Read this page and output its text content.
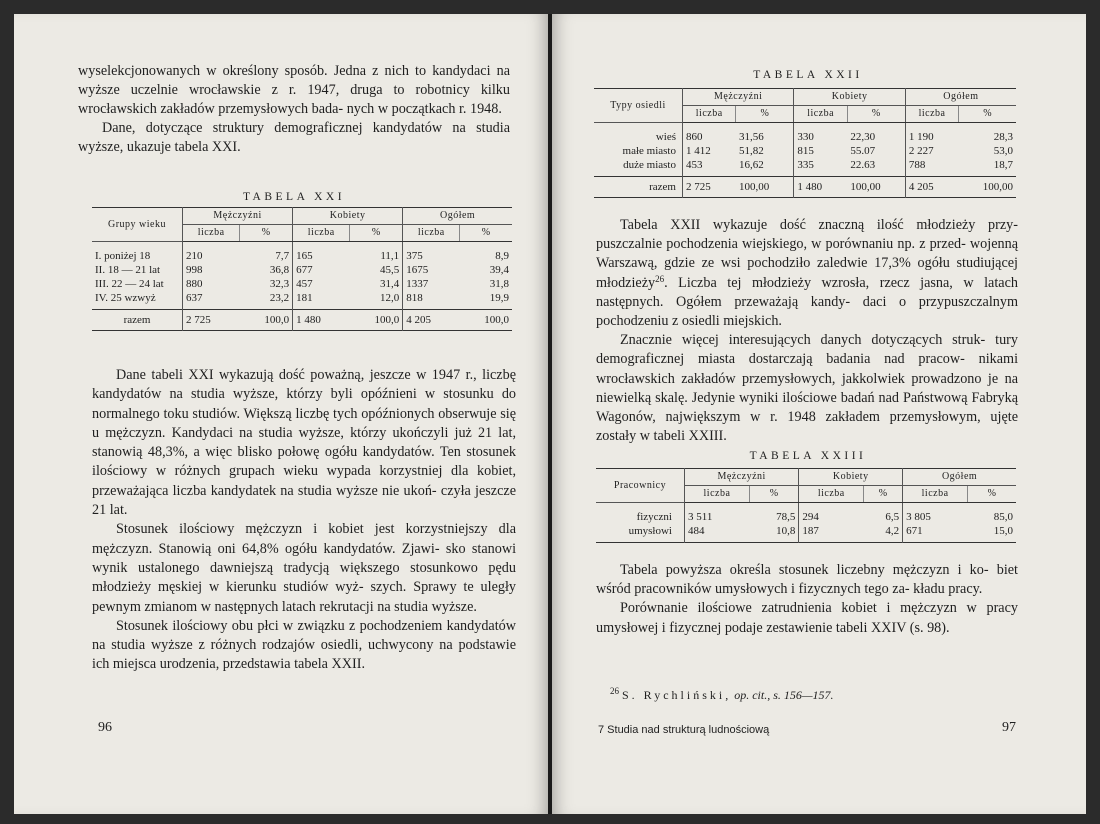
wyselekcjonowanych w określony sposób. Jedna z nich to kandydaci na wyższe uczelnie wrocławskie z r. 1947, druga to robotnicy kilku wrocławskich zakładów przemysłowych bada- nych w początkach r. 1948.

Dane, dotyczące struktury demograficznej kandydatów na studia wyższe, ukazuje tabela XXI.

TABELA XXI
Grupy wieku	Mężczyźni		Kobiety		Ogółem	
	liczba	%	liczba	%	liczba	%
I. poniżej 18	210	7,7	165	11,1	375	8,9
II. 18 — 21 lat	998	36,8	677	45,5	1675	39,4
III. 22 — 24 lat	880	32,3	457	31,4	1337	31,8
IV. 25 wzwyż	637	23,2	181	12,0	818	19,9
razem	2 725	100,0	1 480	100,0	4 205	100,0

Dane tabeli XXI wykazują dość poważną, jeszcze w 1947 r., liczbę kandydatów na studia wyższe, którzy byli opóźnieni w stosunku do normalnego toku studiów. Większą liczbę tych opóźnionych obserwuje się u mężczyzn. Kandydaci na studia wyższe, którzy ukończyli już 21 lat, stanowią 48,3%, a więc blisko połowę ogółu kandydatów. Ten stosunek ilościowy w różnych grupach wieku wypada korzystniej dla kobiet, przeważająca liczba kandydatek na studia wyższe nie ukoń- czyła jeszcze 21 lat.

Stosunek ilościowy mężczyzn i kobiet jest korzystniejszy dla mężczyzn. Stanowią oni 64,8% ogółu kandydatów. Zjawi- sko stanowi wynik ustalonego dawniejszą tradycją większego stosunkowo pędu młodzieży męskiej w kierunku studiów wyż- szych. Sprawy te uległy pewnym zmianom w następnych latach rekrutacji na studia wyższe.

Stosunek ilościowy obu płci w związku z pochodzeniem kandydatów na studia wyższe z różnych rodzajów osiedli, uchwycony na podstawie ich miejsca urodzenia, przedstawia tabela XXII.

96
TABELA XXII
Typy osiedli	Mężczyźni		Kobiety		Ogółem	
	liczba	%	liczba	%	liczba	%
wieś	860	31,56	330	22,30	1 190	28,3
małe miasto	1 412	51,82	815	55.07	2 227	53,0
duże miasto	453	16,62	335	22.63	788	18,7
razem	2 725	100,00	1 480	100,00	4 205	100,00

Tabela XXII wykazuje dość znaczną ilość młodzieży przy- puszczalnie pochodzenia wiejskiego, w porównaniu np. z przed- wojenną Warszawą, gdzie ze wsi pochodziło zaledwie 17,3% ogółu studiującej młodzieży$^{26}$. Liczba tej młodzieży wzrosła, rzecz jasna, w latach następnych. Ogółem przeważają kandy- daci o przypuszczalnym pochodzeniu z osiedli miejskich.

Znacznie więcej interesujących danych dotyczących struk- tury demograficznej miasta dostarczają badania nad pracow- nikami wrocławskich zakładów przemysłowych, jakkolwiek prowadzono je na niewielką skalę. Jedynie wyniki ilościowe badań nad Państwową Fabryką Wagonów, największym w r. 1948 zakładem przemysłowym, ujęte zostały w tabeli XXIII.

TABELA XXIII
Pracownicy	Mężczyźni		Kobiety		Ogółem	
	liczba	%	liczba	%	liczba	%
fizyczni	3 511	78,5	294	6,5	3 805	85,0
umysłowi	484	10,8	187	4,2	671	15,0

Tabela powyższa określa stosunek liczebny mężczyzn i ko- biet wśród pracowników umysłowych i fizycznych tego za- kładu pracy.

Porównanie ilościowe zatrudnienia kobiet i mężczyzn w pracy umysłowej i fizycznej podaje zestawienie tabeli XXIV (s. 98).

$^{26}$ S. Rychliński, op. cit., s. 156—157.
7 Studia nad strukturą ludnościową	97
